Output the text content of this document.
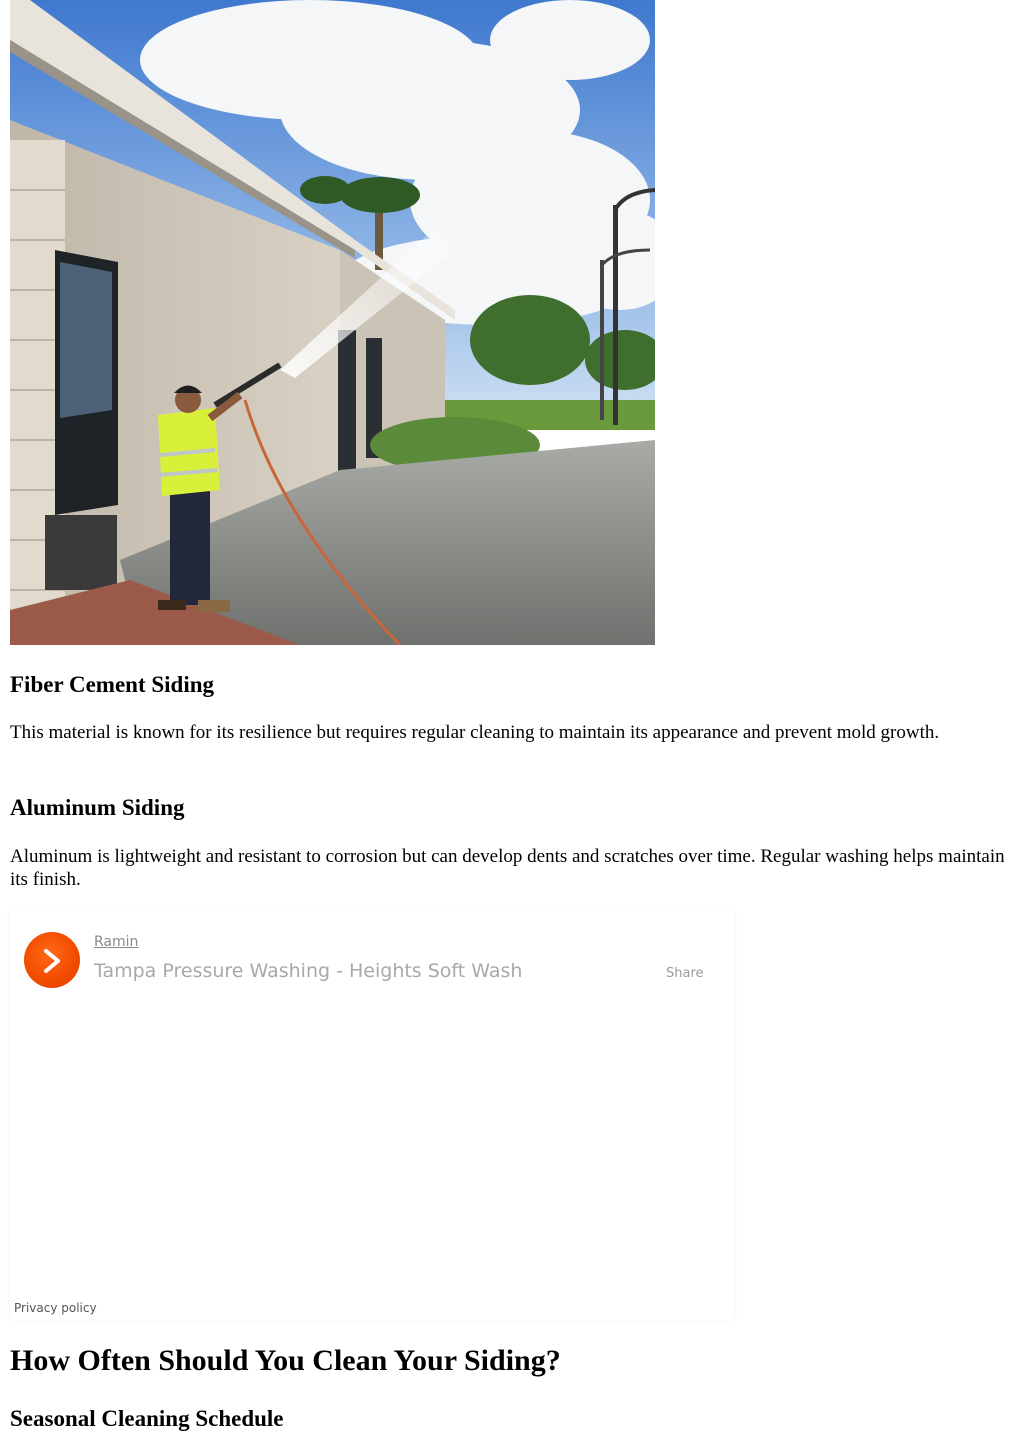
Fiber Cement Siding

This material is known for its resilience but requires regular cleaning to maintain its appearance and prevent mold growth.

Aluminum Siding

Aluminum is lightweight and resistant to corrosion but can develop dents and scratches over time. Regular washing helps maintain its finish.

Ramin
Tampa Pressure Washing - Heights Soft Wash	Share
Privacy policy
How Often Should You Clean Your Siding?
Seasonal Cleaning Schedule
